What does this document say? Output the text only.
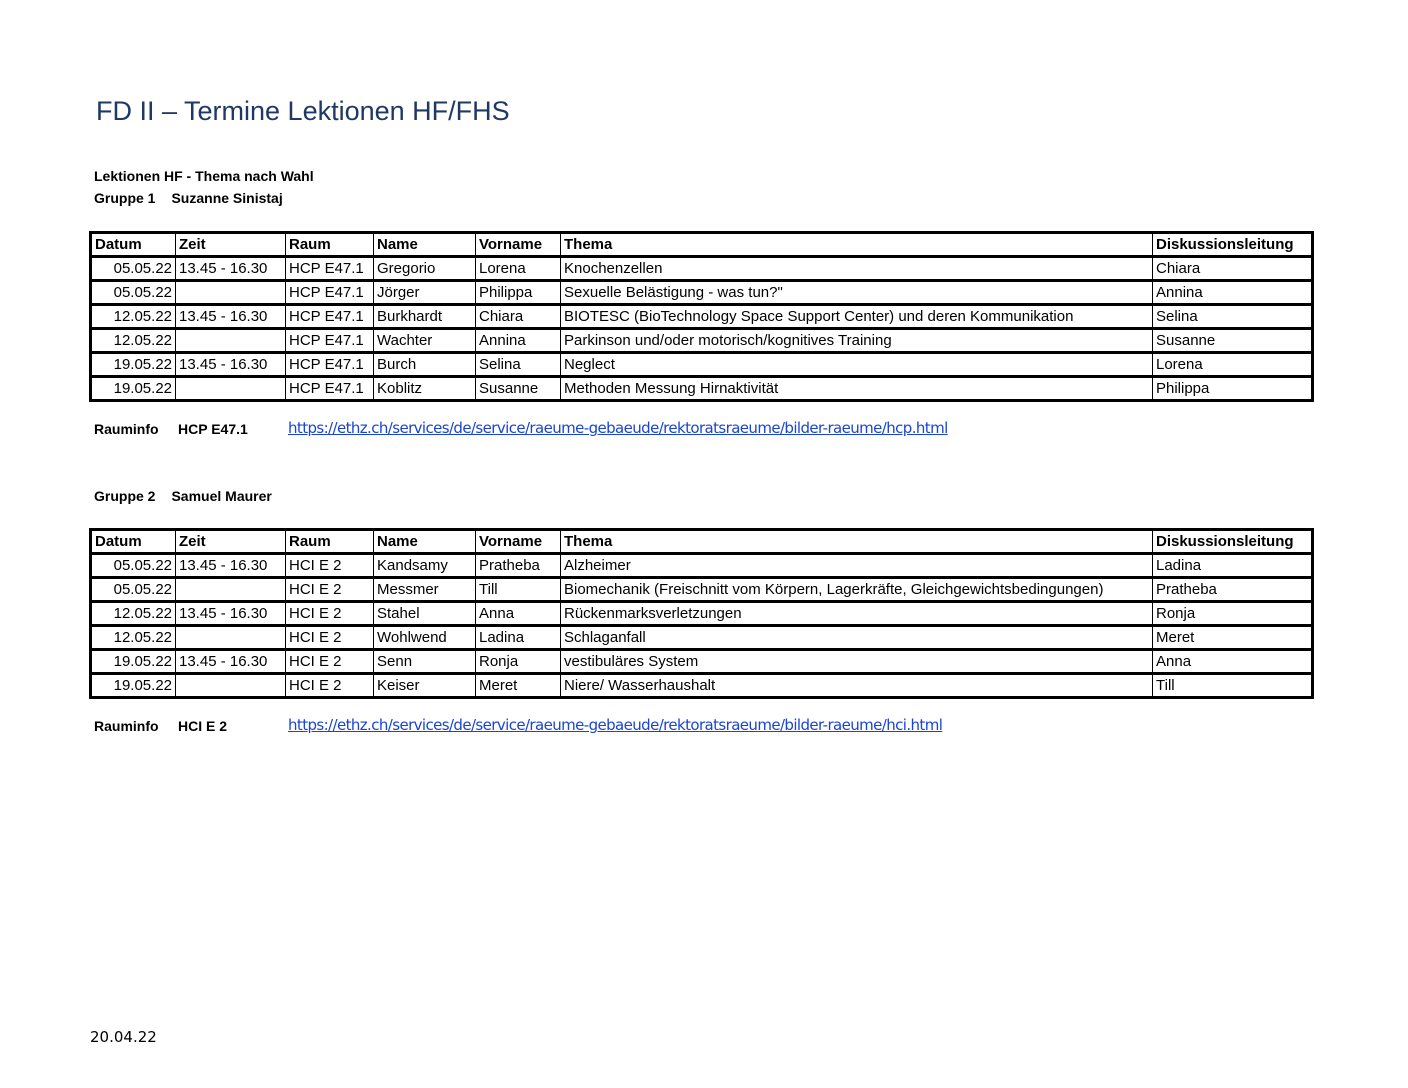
FD II – Termine Lektionen HF/FHS
Lektionen HF - Thema nach Wahl
Gruppe 1 Suzanne Sinistaj
Datum	Zeit	Raum	Name	Vorname	Thema	Diskussionsleitung
05.05.22	13.45 - 16.30	HCP E47.1	Gregorio	Lorena	Knochenzellen	Chiara
05.05.22		HCP E47.1	Jörger	Philippa	Sexuelle Belästigung - was tun?"	Annina
12.05.22	13.45 - 16.30	HCP E47.1	Burkhardt	Chiara	BIOTESC (BioTechnology Space Support Center) und deren Kommunikation	Selina
12.05.22		HCP E47.1	Wachter	Annina	Parkinson und/oder motorisch/kognitives Training	Susanne
19.05.22	13.45 - 16.30	HCP E47.1	Burch	Selina	Neglect	Lorena
19.05.22		HCP E47.1	Koblitz	Susanne	Methoden Messung Hirnaktivität	Philippa
Rauminfo HCP E47.1	https://ethz.ch/services/de/service/raeume-gebaeude/rektoratsraeume/bilder-raeume/hcp.html
Gruppe 2 Samuel Maurer
Datum	Zeit	Raum	Name	Vorname	Thema	Diskussionsleitung
05.05.22	13.45 - 16.30	HCI E 2	Kandsamy	Pratheba	Alzheimer	Ladina
05.05.22		HCI E 2	Messmer	Till	Biomechanik (Freischnitt vom Körpern, Lagerkräfte, Gleichgewichtsbedingungen)	Pratheba
12.05.22	13.45 - 16.30	HCI E 2	Stahel	Anna	Rückenmarksverletzungen	Ronja
12.05.22		HCI E 2	Wohlwend	Ladina	Schlaganfall	Meret
19.05.22	13.45 - 16.30	HCI E 2	Senn	Ronja	vestibuläres System	Anna
19.05.22		HCI E 2	Keiser	Meret	Niere/ Wasserhaushalt	Till
Rauminfo HCI E 2	https://ethz.ch/services/de/service/raeume-gebaeude/rektoratsraeume/bilder-raeume/hci.html
20.04.22
